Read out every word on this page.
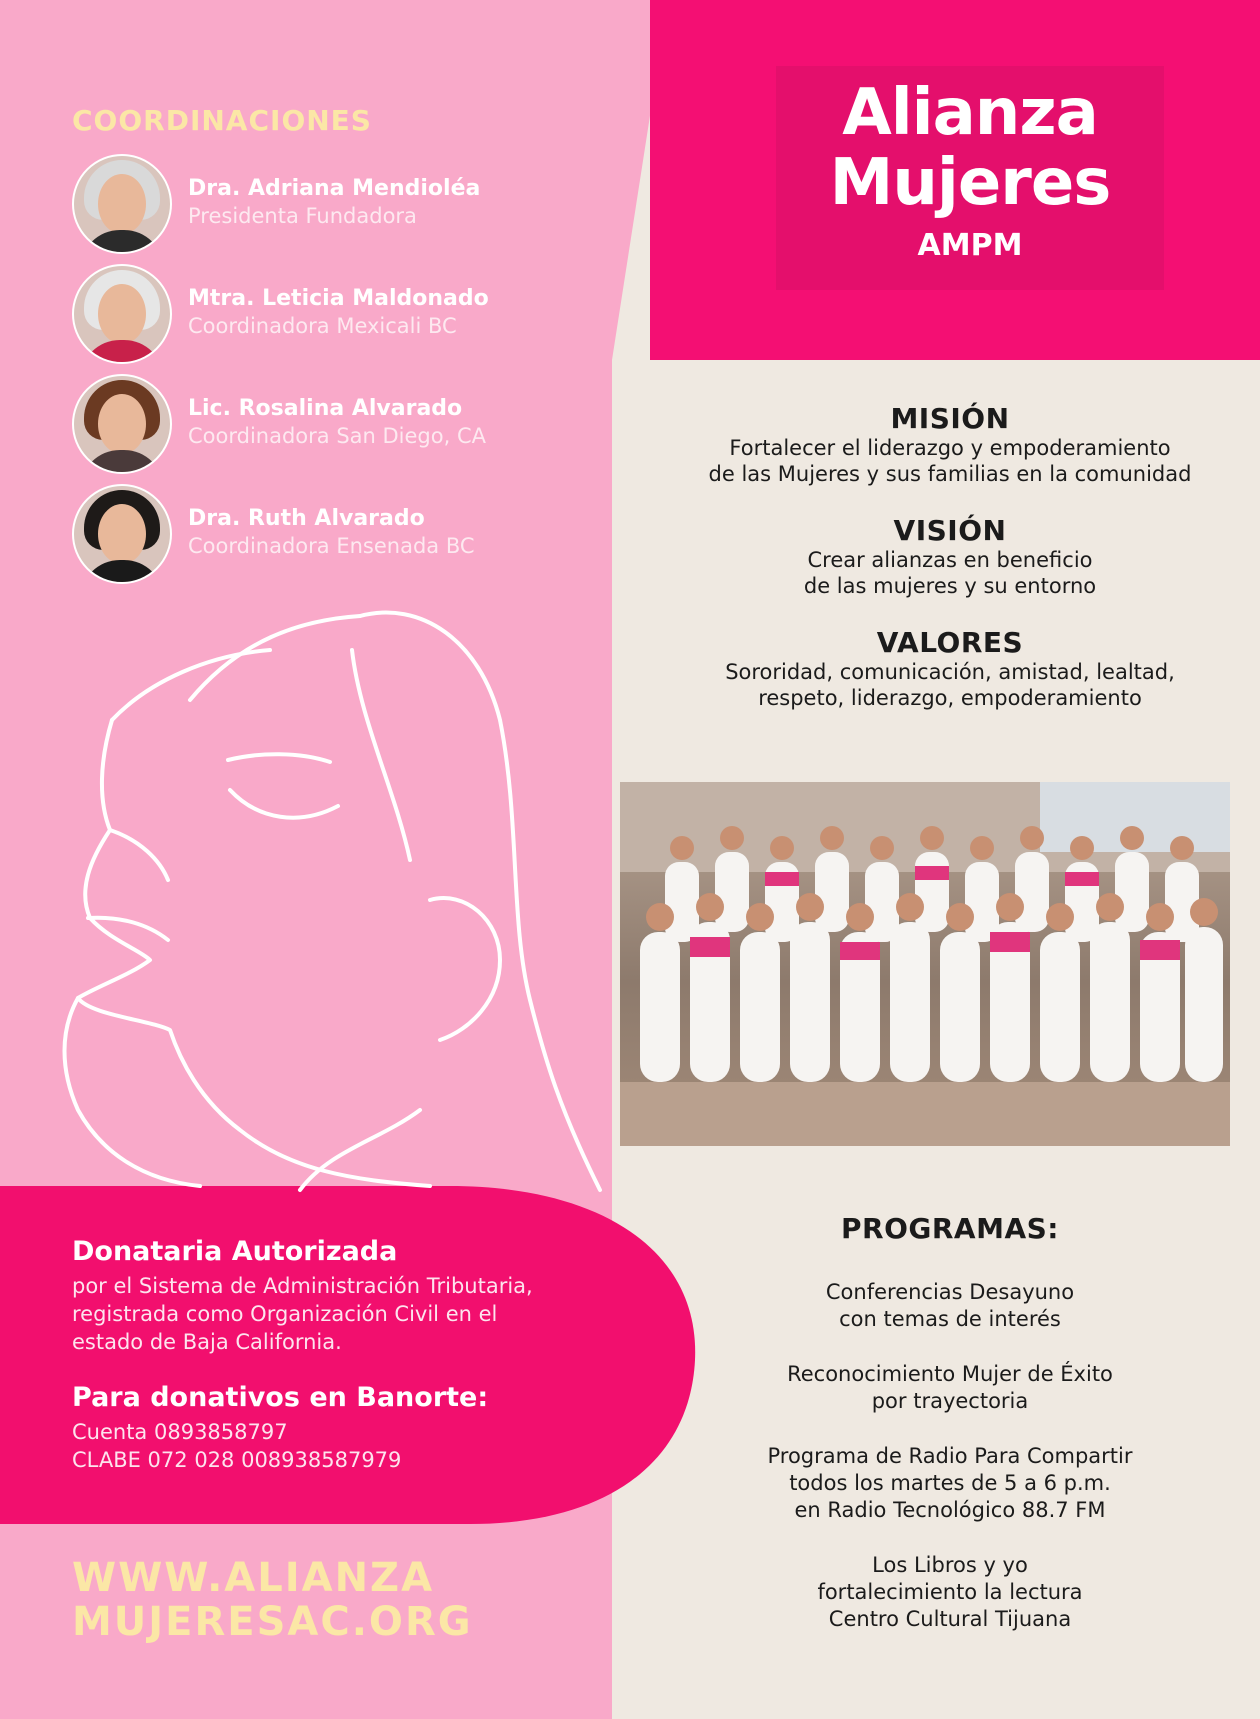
Alianza
Mujeres
AMPM
COORDINACIONES
Dra. Adriana Mendioléa
Presidenta Fundadora
Mtra. Leticia Maldonado
Coordinadora Mexicali BC
Lic. Rosalina Alvarado
Coordinadora San Diego, CA
Dra. Ruth Alvarado
Coordinadora Ensenada BC
MISIÓN
Fortalecer el liderazgo y empoderamiento
de las Mujeres y sus familias en la comunidad
VISIÓN
Crear alianzas en beneficio
de las mujeres y su entorno
VALORES
Sororidad, comunicación, amistad, lealtad,
respeto, liderazgo, empoderamiento
Donataria Autorizada
por el Sistema de Administración Tributaria,
registrada como Organización Civil en el
estado de Baja California.
Para donativos en Banorte:
Cuenta 0893858797
CLABE 072 028 008938587979
WWW.ALIANZA
MUJERESAC.ORG
PROGRAMAS:
Conferencias Desayuno
con temas de interés
Reconocimiento Mujer de Éxito
por trayectoria
Programa de Radio Para Compartir
todos los martes de 5 a 6 p.m.
en Radio Tecnológico 88.7 FM
Los Libros y yo
fortalecimiento la lectura
Centro Cultural Tijuana
